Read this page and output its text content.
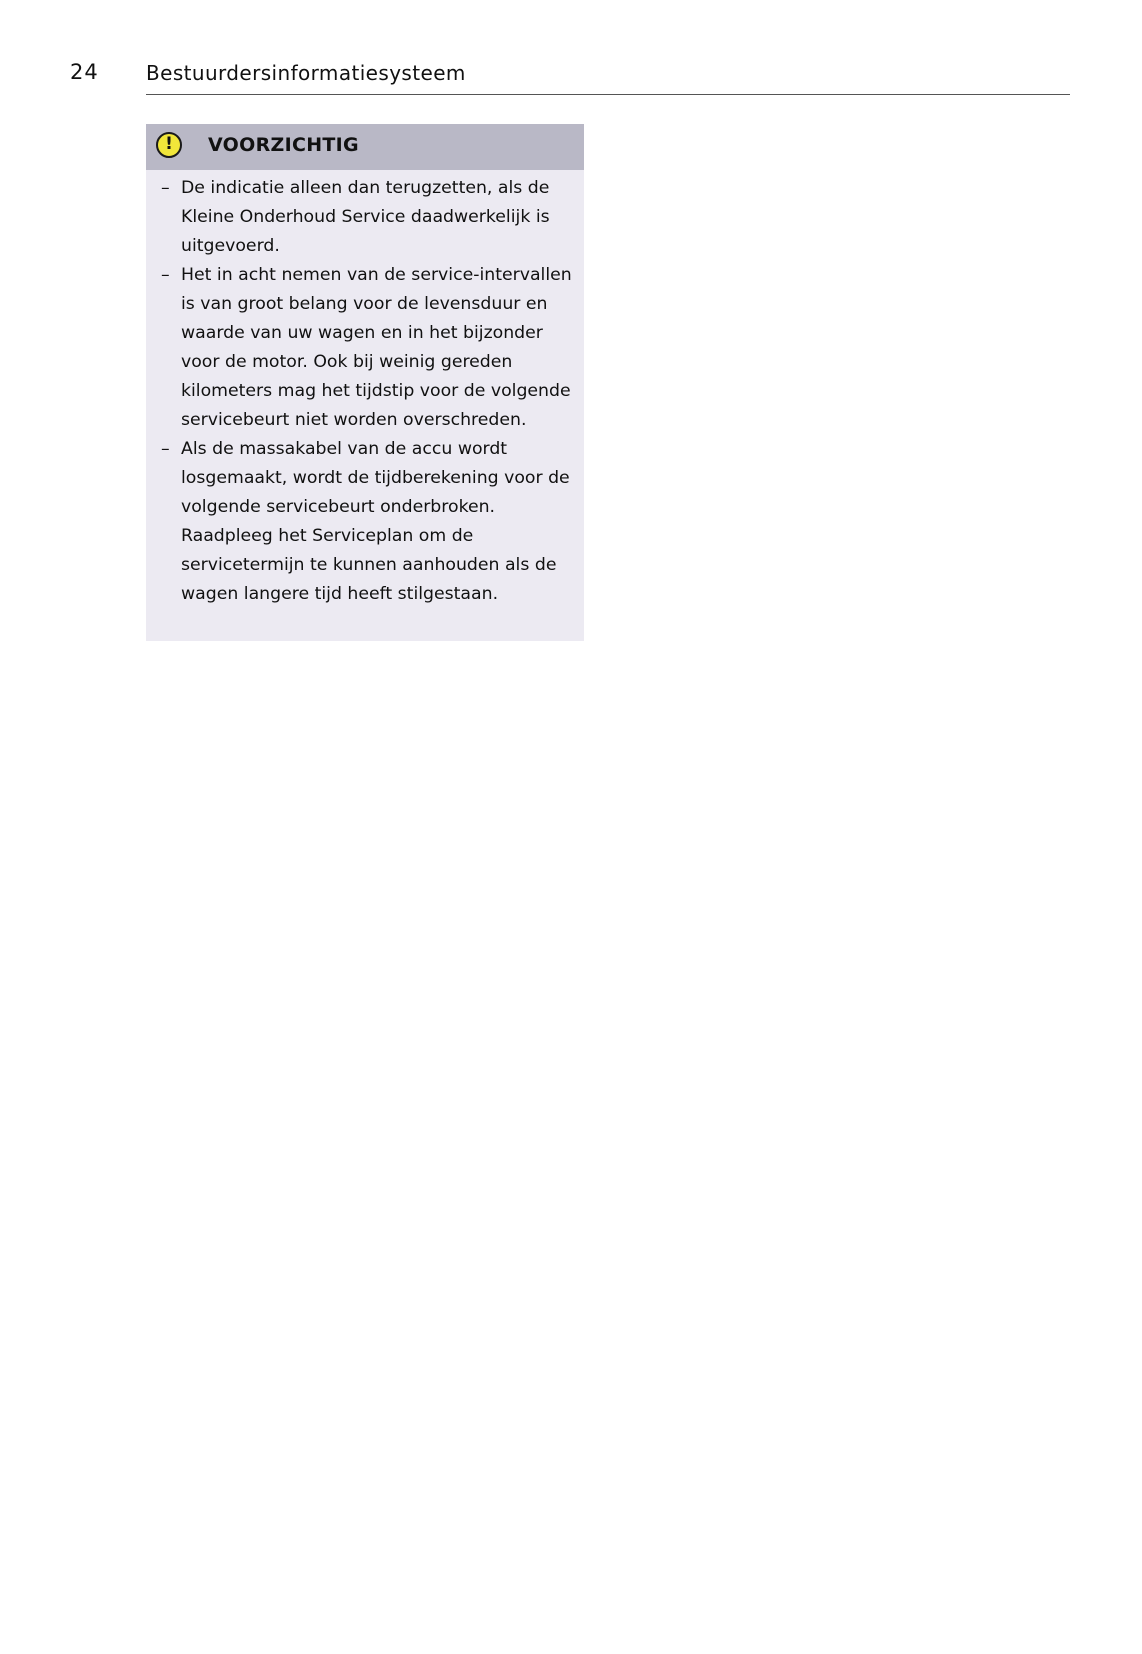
24 Bestuurdersinformatiesysteem
!	VOORZICHTIG
– De indicatie alleen dan terugzetten, als de Kleine Onderhoud Service daadwerkelijk is uitgevoerd.
– Het in acht nemen van de service-intervallen is van groot belang voor de levensduur en waarde van uw wagen en in het bijzonder voor de motor. Ook bij weinig gereden kilometers mag het tijdstip voor de volgende servicebeurt niet worden overschreden.
– Als de massakabel van de accu wordt losgemaakt, wordt de tijdberekening voor de volgende servicebeurt onderbroken. Raadpleeg het Serviceplan om de servicetermijn te kunnen aanhouden als de wagen langere tijd heeft stilgestaan.
